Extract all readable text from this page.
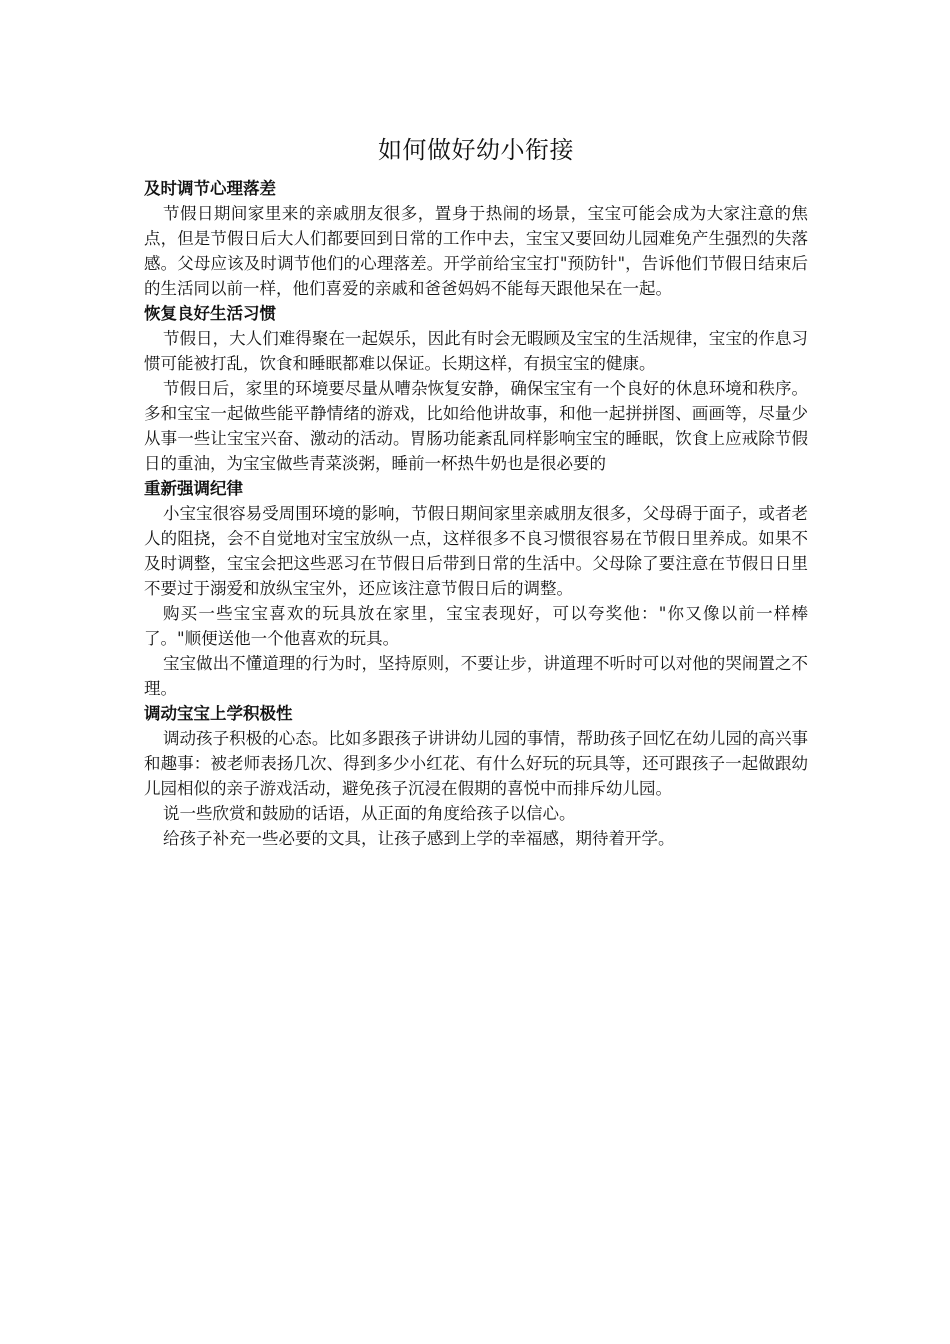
如何做好幼小衔接

及时调节心理落差

节假日期间家里来的亲戚朋友很多，置身于热闹的场景，宝宝可能会成为大家注意的焦点，但是节假日后大人们都要回到日常的工作中去，宝宝又要回幼儿园难免产生强烈的失落感。父母应该及时调节他们的心理落差。开学前给宝宝打"预防针"，告诉他们节假日结束后的生活同以前一样，他们喜爱的亲戚和爸爸妈妈不能每天跟他呆在一起。

恢复良好生活习惯

节假日，大人们难得聚在一起娱乐，因此有时会无暇顾及宝宝的生活规律，宝宝的作息习惯可能被打乱，饮食和睡眠都难以保证。长期这样，有损宝宝的健康。

节假日后，家里的环境要尽量从嘈杂恢复安静，确保宝宝有一个良好的休息环境和秩序。多和宝宝一起做些能平静情绪的游戏，比如给他讲故事，和他一起拼拼图、画画等，尽量少从事一些让宝宝兴奋、激动的活动。胃肠功能紊乱同样影响宝宝的睡眠，饮食上应戒除节假日的重油，为宝宝做些青菜淡粥，睡前一杯热牛奶也是很必要的

重新强调纪律

小宝宝很容易受周围环境的影响，节假日期间家里亲戚朋友很多，父母碍于面子，或者老人的阻挠，会不自觉地对宝宝放纵一点，这样很多不良习惯很容易在节假日里养成。如果不及时调整，宝宝会把这些恶习在节假日后带到日常的生活中。父母除了要注意在节假日日里不要过于溺爱和放纵宝宝外，还应该注意节假日后的调整。

购买一些宝宝喜欢的玩具放在家里，宝宝表现好，可以夸奖他："你又像以前一样棒了。"顺便送他一个他喜欢的玩具。

宝宝做出不懂道理的行为时，坚持原则，不要让步，讲道理不听时可以对他的哭闹置之不理。

调动宝宝上学积极性

调动孩子积极的心态。比如多跟孩子讲讲幼儿园的事情，帮助孩子回忆在幼儿园的高兴事和趣事：被老师表扬几次、得到多少小红花、有什么好玩的玩具等，还可跟孩子一起做跟幼儿园相似的亲子游戏活动，避免孩子沉浸在假期的喜悦中而排斥幼儿园。

说一些欣赏和鼓励的话语，从正面的角度给孩子以信心。

给孩子补充一些必要的文具，让孩子感到上学的幸福感，期待着开学。
